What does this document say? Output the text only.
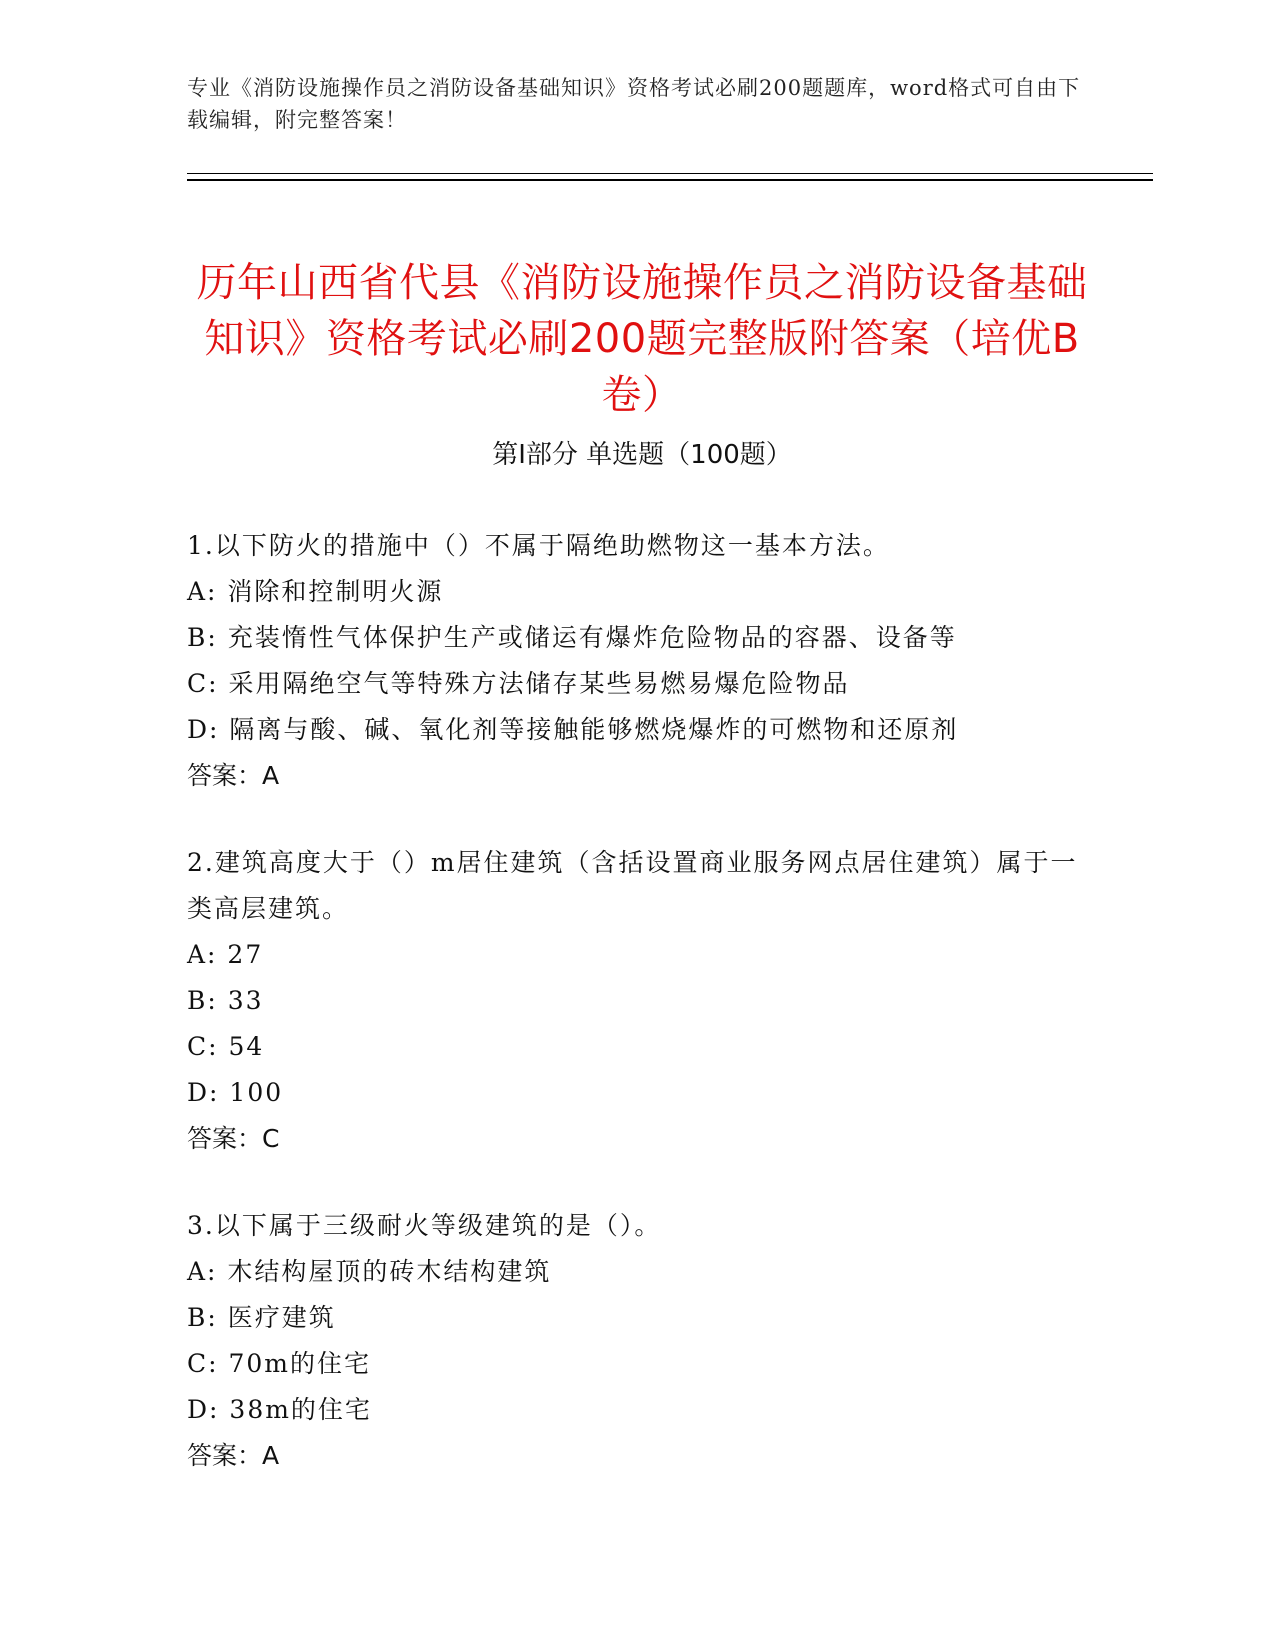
专业《消防设施操作员之消防设备基础知识》资格考试必刷200题题库，word格式可自由下载编辑，附完整答案！
历年山西省代县《消防设施操作员之消防设备基础知识》资格考试必刷200题完整版附答案（培优B卷）
第I部分 单选题（100题）
1.以下防火的措施中（）不属于隔绝助燃物这一基本方法。
A: 消除和控制明火源
B: 充装惰性气体保护生产或储运有爆炸危险物品的容器、设备等
C: 采用隔绝空气等特殊方法储存某些易燃易爆危险物品
D: 隔离与酸、碱、氧化剂等接触能够燃烧爆炸的可燃物和还原剂
答案：A
2.建筑高度大于（）m居住建筑（含括设置商业服务网点居住建筑）属于一类高层建筑。
A: 27
B: 33
C: 54
D: 100
答案：C
3.以下属于三级耐火等级建筑的是（）。
A: 木结构屋顶的砖木结构建筑
B: 医疗建筑
C: 70m的住宅
D: 38m的住宅
答案：A
